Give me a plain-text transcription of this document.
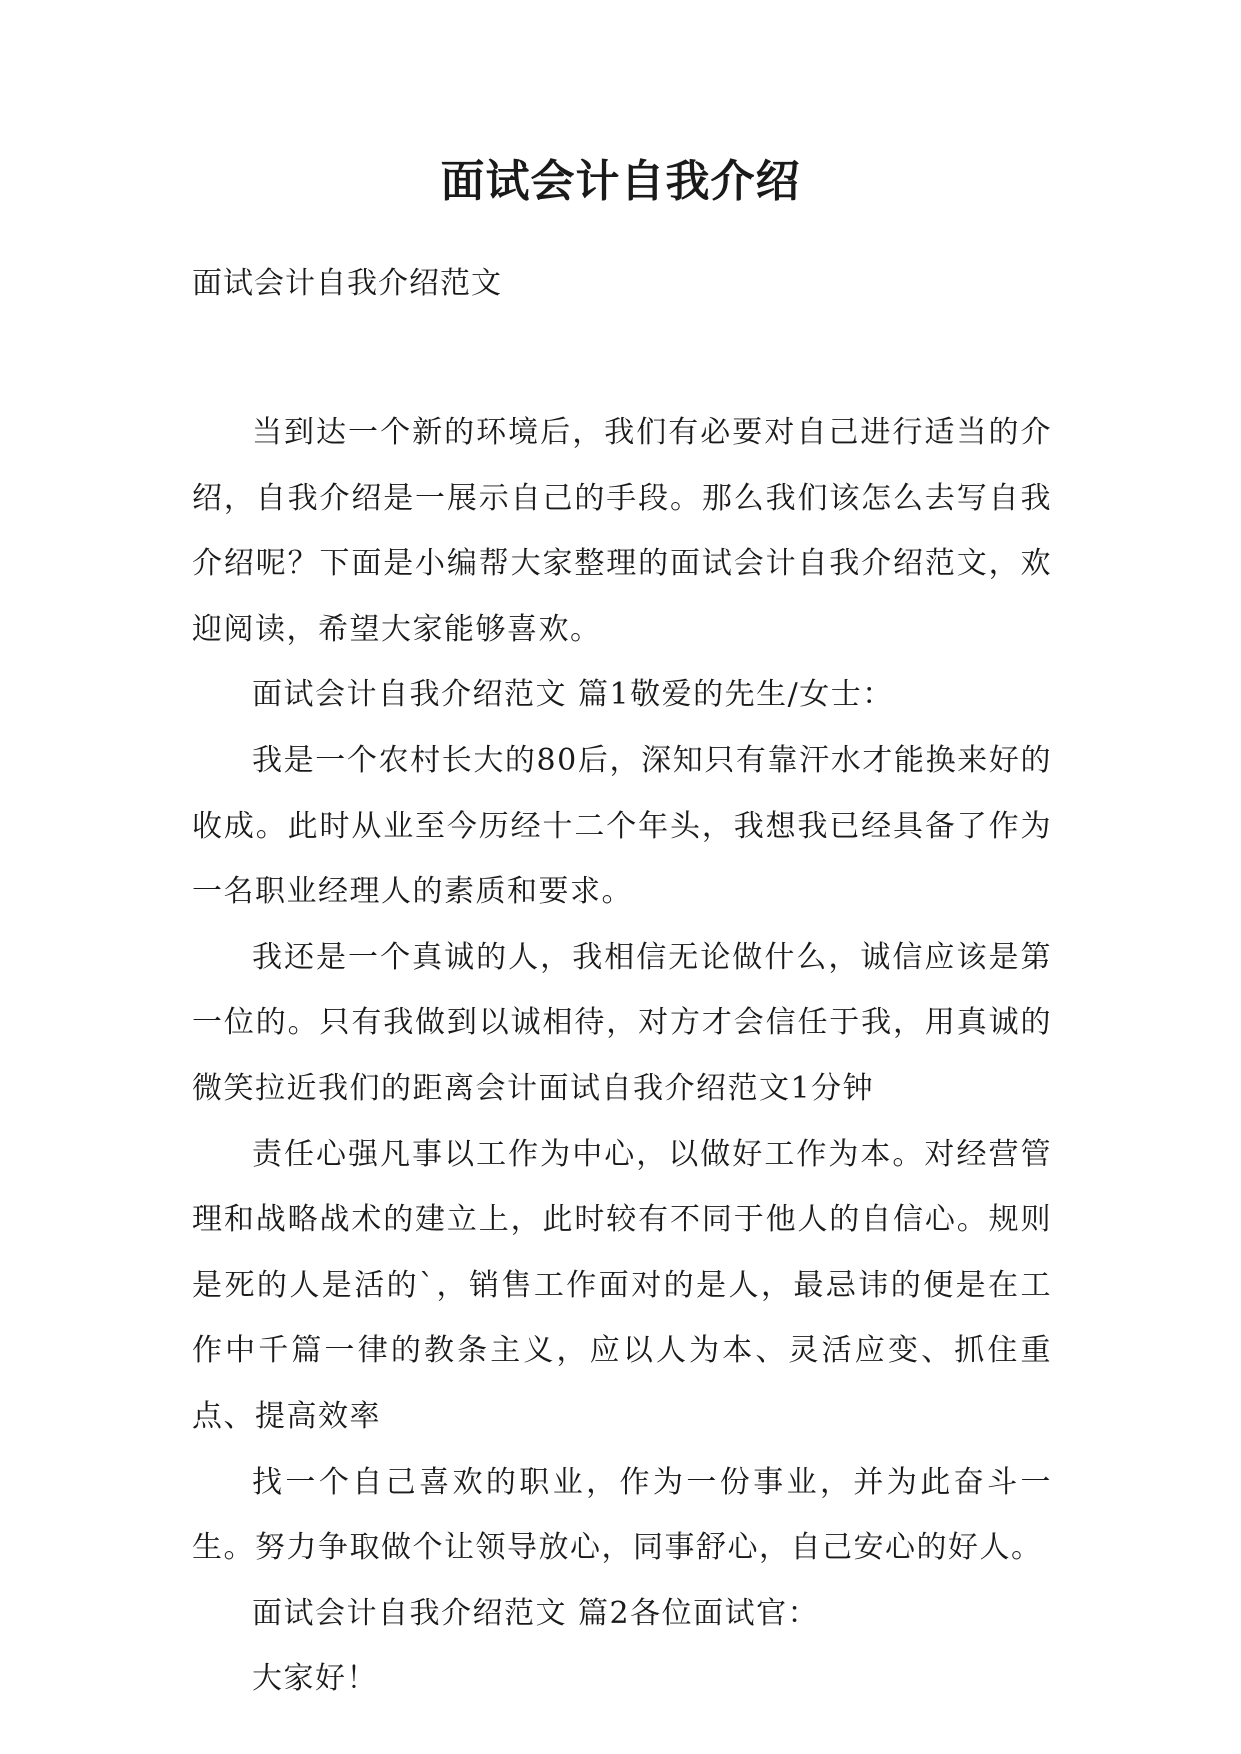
面试会计自我介绍
面试会计自我介绍范文

当到达一个新的环境后，我们有必要对自己进行适当的介绍，自我介绍是一展示自己的手段。那么我们该怎么去写自我介绍呢？下面是小编帮大家整理的面试会计自我介绍范文，欢迎阅读，希望大家能够喜欢。

面试会计自我介绍范文 篇1敬爱的先生/女士：

我是一个农村长大的80后，深知只有靠汗水才能换来好的收成。此时从业至今历经十二个年头，我想我已经具备了作为一名职业经理人的素质和要求。

我还是一个真诚的人，我相信无论做什么，诚信应该是第一位的。只有我做到以诚相待，对方才会信任于我，用真诚的微笑拉近我们的距离会计面试自我介绍范文1分钟

责任心强凡事以工作为中心，以做好工作为本。对经营管理和战略战术的建立上，此时较有不同于他人的自信心。规则是死的人是活的`，销售工作面对的是人，最忌讳的便是在工作中千篇一律的教条主义，应以人为本、灵活应变、抓住重点、提高效率

找一个自己喜欢的职业，作为一份事业，并为此奋斗一生。努力争取做个让领导放心，同事舒心，自己安心的好人。

面试会计自我介绍范文 篇2各位面试官：

大家好！
